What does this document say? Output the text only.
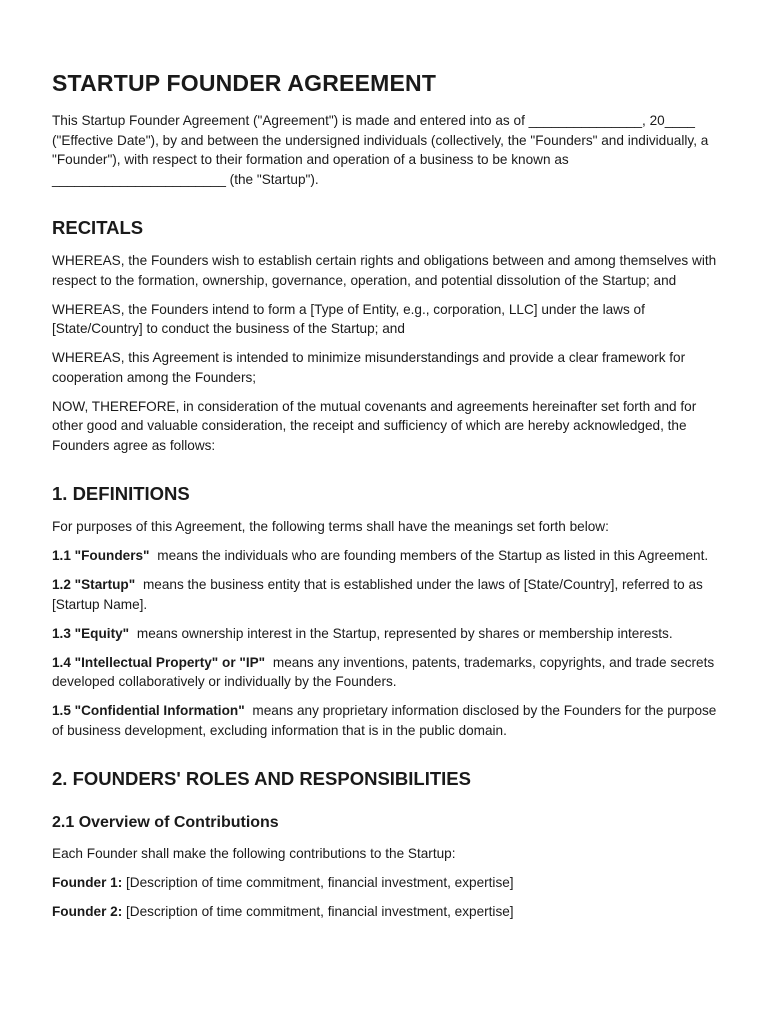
STARTUP FOUNDER AGREEMENT

This Startup Founder Agreement ("Agreement") is made and entered into as of _______________, 20____ ("Effective Date"), by and between the undersigned individuals (collectively, the "Founders" and individually, a "Founder"), with respect to their formation and operation of a business to be known as _______________________ (the "Startup").

RECITALS

WHEREAS, the Founders wish to establish certain rights and obligations between and among themselves with respect to the formation, ownership, governance, operation, and potential dissolution of the Startup; and

WHEREAS, the Founders intend to form a [Type of Entity, e.g., corporation, LLC] under the laws of [State/Country] to conduct the business of the Startup; and

WHEREAS, this Agreement is intended to minimize misunderstandings and provide a clear framework for cooperation among the Founders;

NOW, THEREFORE, in consideration of the mutual covenants and agreements hereinafter set forth and for other good and valuable consideration, the receipt and sufficiency of which are hereby acknowledged, the Founders agree as follows:

1. DEFINITIONS

For purposes of this Agreement, the following terms shall have the meanings set forth below:

1.1 "Founders" means the individuals who are founding members of the Startup as listed in this Agreement.

1.2 "Startup" means the business entity that is established under the laws of [State/Country], referred to as [Startup Name].

1.3 "Equity" means ownership interest in the Startup, represented by shares or membership interests.

1.4 "Intellectual Property" or "IP" means any inventions, patents, trademarks, copyrights, and trade secrets developed collaboratively or individually by the Founders.

1.5 "Confidential Information" means any proprietary information disclosed by the Founders for the purpose of business development, excluding information that is in the public domain.

2. FOUNDERS' ROLES AND RESPONSIBILITIES
2.1 Overview of Contributions

Each Founder shall make the following contributions to the Startup:

Founder 1: [Description of time commitment, financial investment, expertise]

Founder 2: [Description of time commitment, financial investment, expertise]
